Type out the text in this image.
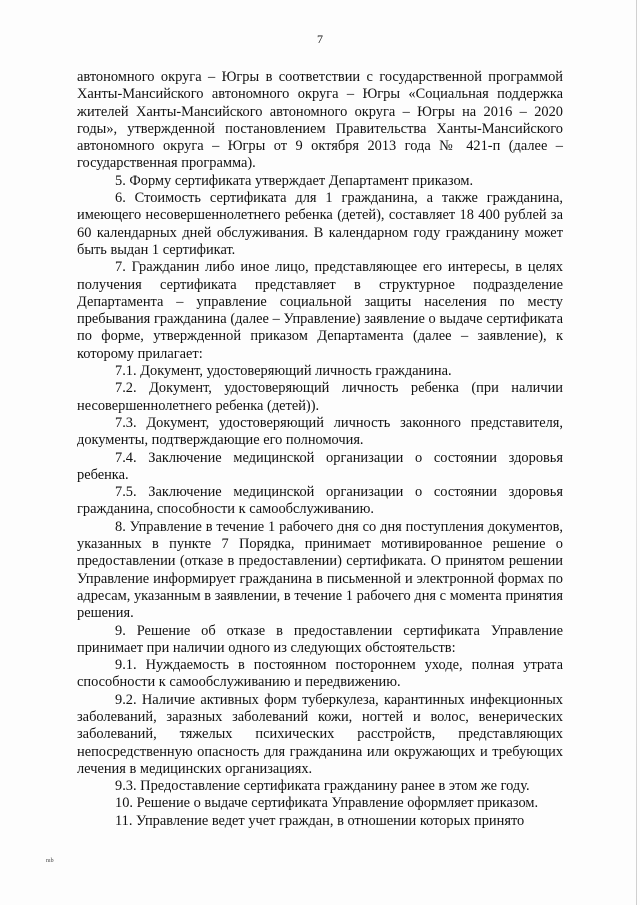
7

автономного округа – Югры в соответствии с государственной программой Ханты-Мансийского автономного округа – Югры «Социальная поддержка жителей Ханты-Мансийского автономного округа – Югры на 2016 – 2020 годы», утвержденной постановлением Правительства Ханты-Мансийского автономного округа – Югры от 9 октября 2013 года № 421-п (далее – государственная программа).

5. Форму сертификата утверждает Департамент приказом.

6. Стоимость сертификата для 1 гражданина, а также гражданина, имеющего несовершеннолетнего ребенка (детей), составляет 18 400 рублей за 60 календарных дней обслуживания. В календарном году гражданину может быть выдан 1 сертификат.

7. Гражданин либо иное лицо, представляющее его интересы, в целях получения сертификата представляет в структурное подразделение Департамента – управление социальной защиты населения по месту пребывания гражданина (далее – Управление) заявление о выдаче сертификата по форме, утвержденной приказом Департамента (далее – заявление), к которому прилагает:

7.1. Документ, удостоверяющий личность гражданина.

7.2. Документ, удостоверяющий личность ребенка (при наличии несовершеннолетнего ребенка (детей)).

7.3. Документ, удостоверяющий личность законного представителя, документы, подтверждающие его полномочия.

7.4. Заключение медицинской организации о состоянии здоровья ребенка.

7.5. Заключение медицинской организации о состоянии здоровья гражданина, способности к самообслуживанию.

8. Управление в течение 1 рабочего дня со дня поступления документов, указанных в пункте 7 Порядка, принимает мотивированное решение о предоставлении (отказе в предоставлении) сертификата. О принятом решении Управление информирует гражданина в письменной и электронной формах по адресам, указанным в заявлении, в течение 1 рабочего дня с момента принятия решения.

9. Решение об отказе в предоставлении сертификата Управление принимает при наличии одного из следующих обстоятельств:

9.1. Нуждаемость в постоянном постороннем уходе, полная утрата способности к самообслуживанию и передвижению.

9.2. Наличие активных форм туберкулеза, карантинных инфекционных заболеваний, заразных заболеваний кожи, ногтей и волос, венерических заболеваний, тяжелых психических расстройств, представляющих непосредственную опасность для гражданина или окружающих и требующих лечения в медицинских организациях.

9.3. Предоставление сертификата гражданину ранее в этом же году.

10. Решение о выдаче сертификата Управление оформляет приказом.

11. Управление ведет учет граждан, в отношении которых принято

nıb
